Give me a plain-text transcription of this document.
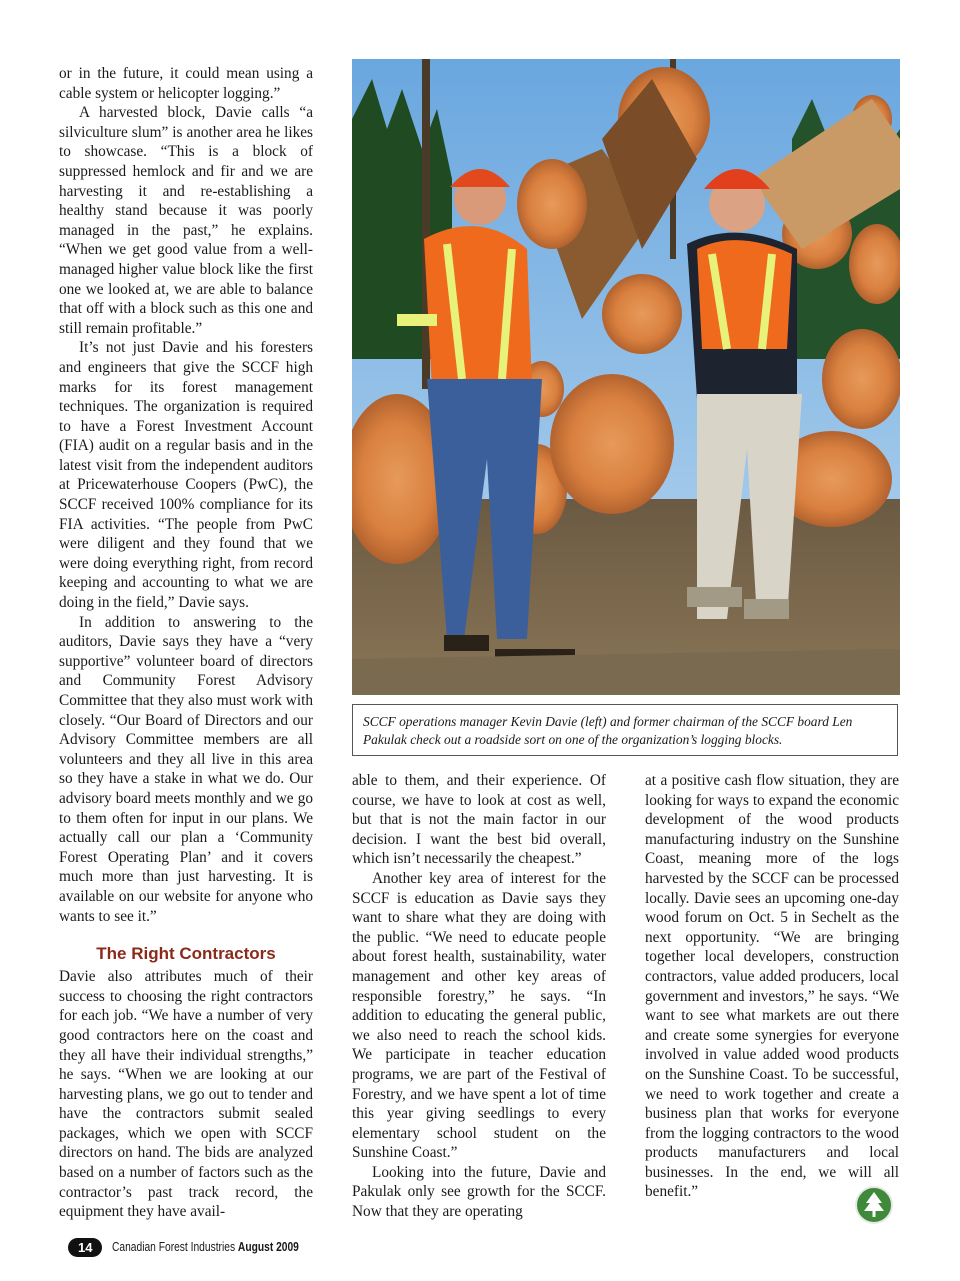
or in the future, it could mean using a cable system or helicopter logging.”

A harvested block, Davie calls “a silviculture slum” is another area he likes to showcase. “This is a block of suppressed hemlock and fir and we are harvesting it and re-establishing a healthy stand because it was poorly managed in the past,” he explains. “When we get good value from a well-managed higher value block like the first one we looked at, we are able to balance that off with a block such as this one and still remain profitable.”

It’s not just Davie and his foresters and engineers that give the SCCF high marks for its forest management techniques. The organization is required to have a Forest Investment Account (FIA) audit on a regular basis and in the latest visit from the independent auditors at Pricewaterhouse Coopers (PwC), the SCCF received 100% compliance for its FIA activities. “The people from PwC were diligent and they found that we were doing everything right, from record keeping and accounting to what we are doing in the field,” Davie says.

In addition to answering to the auditors, Davie says they have a “very supportive” volunteer board of directors and Community Forest Advisory Committee that they also must work with closely. “Our Board of Directors and our Advisory Committee members are all volunteers and they all live in this area so they have a stake in what we do. Our advisory board meets monthly and we go to them often for input in our plans. We actually call our plan a ‘Community Forest Operating Plan’ and it covers much more than just harvesting. It is available on our website for anyone who wants to see it.”

The Right Contractors

Davie also attributes much of their success to choosing the right contractors for each job. “We have a number of very good contractors here on the coast and they all have their individual strengths,” he says. “When we are looking at our harvesting plans, we go out to tender and have the contractors submit sealed packages, which we open with SCCF directors on hand. The bids are analyzed based on a number of factors such as the contractor’s past track record, the equipment they have avail-

SCCF operations manager Kevin Davie (left) and former chairman of the SCCF board Len Pakulak check out a roadside sort on one of the organization’s logging blocks.

able to them, and their experience. Of course, we have to look at cost as well, but that is not the main factor in our decision. I want the best bid overall, which isn’t necessarily the cheapest.”

Another key area of interest for the SCCF is education as Davie says they want to share what they are doing with the public. “We need to educate people about forest health, sustainability, water management and other key areas of responsible forestry,” he says. “In addition to educating the general public, we also need to reach the school kids. We participate in teacher education programs, we are part of the Festival of Forestry, and we have spent a lot of time this year giving seedlings to every elementary school student on the Sunshine Coast.”

Looking into the future, Davie and Pakulak only see growth for the SCCF. Now that they are operating

at a positive cash flow situation, they are looking for ways to expand the economic development of the wood products manufacturing industry on the Sunshine Coast, meaning more of the logs harvested by the SCCF can be processed locally. Davie sees an upcoming one-day wood forum on Oct. 5 in Sechelt as the next opportunity. “We are bringing together local developers, construction contractors, value added producers, local government and investors,” he says. “We want to see what markets are out there and create some synergies for everyone involved in value added wood products on the Sunshine Coast. To be successful, we need to work together and create a business plan that works for everyone from the logging contractors to the wood products manufacturers and local businesses. In the end, we will all benefit.”

14	Canadian Forest Industries August 2009
